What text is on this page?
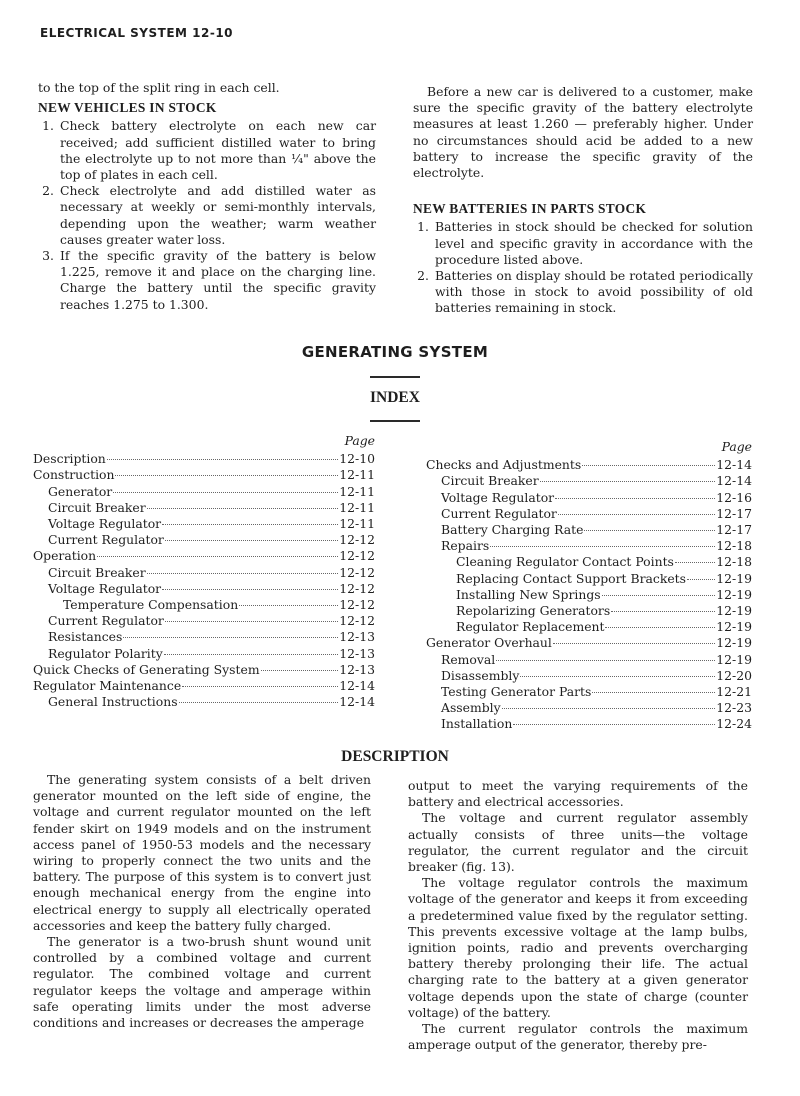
ELECTRICAL SYSTEM 12-10

to the top of the split ring in each cell.

NEW VEHICLES IN STOCK
1. Check battery electrolyte on each new car received; add sufficient distilled water to bring the electrolyte up to not more than ¼" above the top of plates in each cell.
2. Check electrolyte and add distilled water as necessary at weekly or semi-monthly intervals, depending upon the weather; warm weather causes greater water loss.
3. If the specific gravity of the battery is below 1.225, remove it and place on the charging line. Charge the battery until the specific gravity reaches 1.275 to 1.300.

Before a new car is delivered to a customer, make sure the specific gravity of the battery electrolyte measures at least 1.260 — preferably higher. Under no circumstances should acid be added to a new battery to increase the specific gravity of the electrolyte.

NEW BATTERIES IN PARTS STOCK
1. Batteries in stock should be checked for solution level and specific gravity in accordance with the procedure listed above.
2. Batteries on display should be rotated periodically with those in stock to avoid possibility of old batteries remaining in stock.
GENERATING SYSTEM
INDEX
Page
Description	12-10
Construction	12-11
Generator	12-11
Circuit Breaker	12-11
Voltage Regulator	12-11
Current Regulator	12-12
Operation	12-12
Circuit Breaker	12-12
Voltage Regulator	12-12
Temperature Compensation	12-12
Current Regulator	12-12
Resistances	12-13
Regulator Polarity	12-13
Quick Checks of Generating System	12-13
Regulator Maintenance	12-14
General Instructions	12-14
Page
Checks and Adjustments	12-14
Circuit Breaker	12-14
Voltage Regulator	12-16
Current Regulator	12-17
Battery Charging Rate	12-17
Repairs	12-18
Cleaning Regulator Contact Points	12-18
Replacing Contact Support Brackets 12-19
Installing New Springs	12-19
Repolarizing Generators	12-19
Regulator Replacement	12-19
Generator Overhaul	12-19
Removal	12-19
Disassembly	12-20
Testing Generator Parts	12-21
Assembly	12-23
Installation	12-24
DESCRIPTION

The generating system consists of a belt driven generator mounted on the left side of engine, the voltage and current regulator mounted on the left fender skirt on 1949 models and on the instrument access panel of 1950-53 models and the necessary wiring to properly connect the two units and the battery. The purpose of this system is to convert just enough mechanical energy from the engine into electrical energy to supply all electrically operated accessories and keep the battery fully charged.

The generator is a two-brush shunt wound unit controlled by a combined voltage and current regulator. The combined voltage and current regulator keeps the voltage and amperage within safe operating limits under the most adverse conditions and increases or decreases the amperage

output to meet the varying requirements of the battery and electrical accessories.

The voltage and current regulator assembly actually consists of three units—the voltage regulator, the current regulator and the circuit breaker (fig. 13).

The voltage regulator controls the maximum voltage of the generator and keeps it from exceeding a predetermined value fixed by the regulator setting. This prevents excessive voltage at the lamp bulbs, ignition points, radio and prevents overcharging battery thereby prolonging their life. The actual charging rate to the battery at a given generator voltage depends upon the state of charge (counter voltage) of the battery.

The current regulator controls the maximum amperage output of the generator, thereby pre-
